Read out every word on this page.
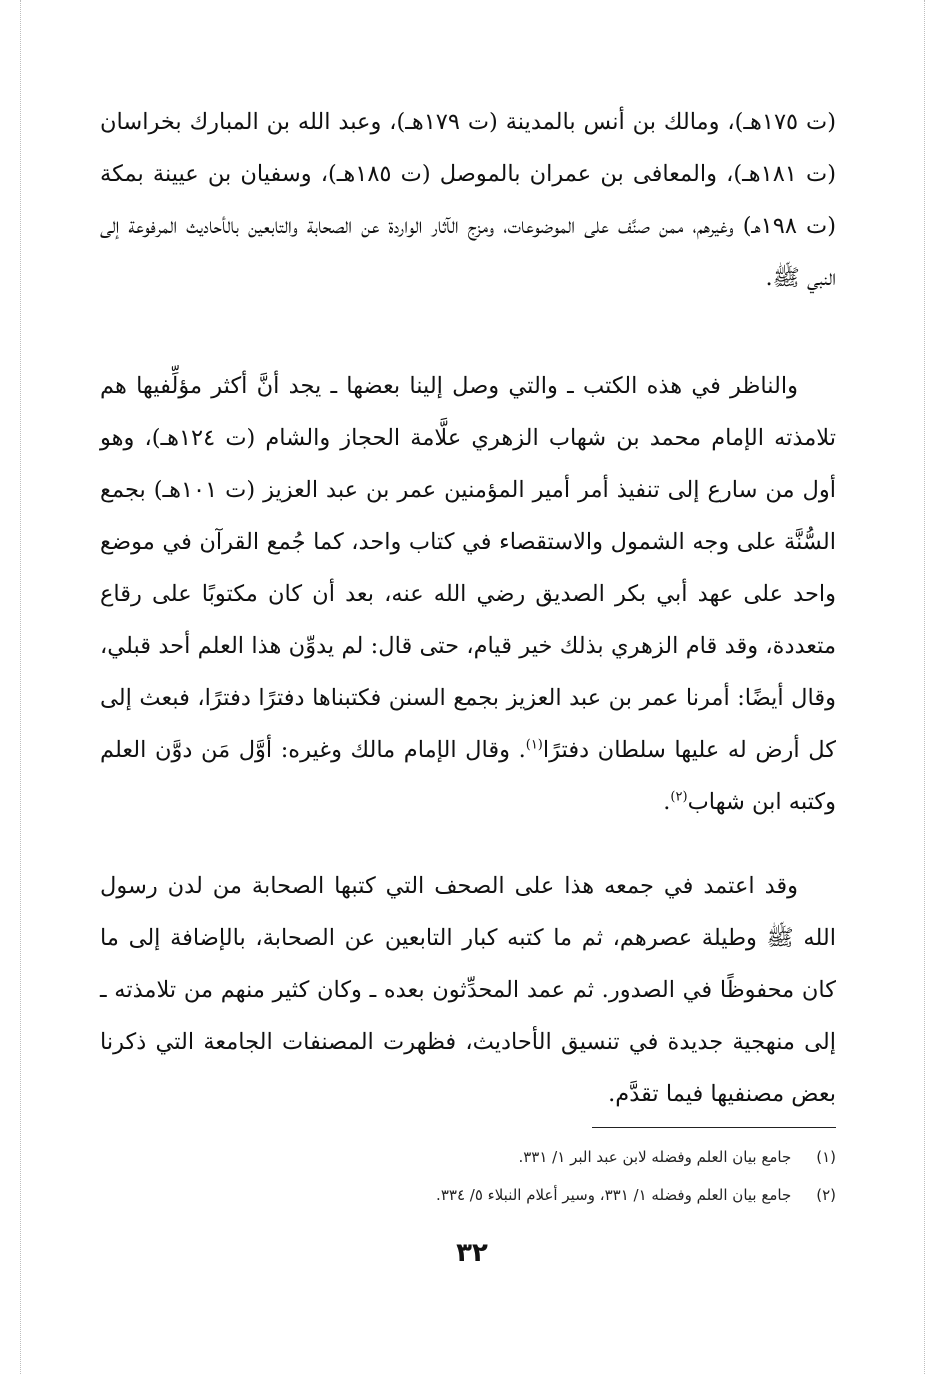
(ت ١٧٥هـ)، ومالك بن أنس بالمدينة (ت ١٧٩هـ)، وعبد الله بن المبارك بخراسان (ت ١٨١هـ)، والمعافى بن عمران بالموصل (ت ١٨٥هـ)، وسفيان بن عيينة بمكة (ت ١٩٨هـ) وغيرهم، ممن صنَّف على الموضوعات، ومزج الآثار الواردة عن الصحابة والتابعين بالأحاديث المرفوعة إلى النبي ﷺ.
والناظر في هذه الكتب ـ والتي وصل إلينا بعضها ـ يجد أنَّ أكثر مؤلِّفيها هم تلامذته الإمام محمد بن شهاب الزهري علَّامة الحجاز والشام (ت ١٢٤هـ)، وهو أول من سارع إلى تنفيذ أمر أمير المؤمنين عمر بن عبد العزيز (ت ١٠١هـ) بجمع السُّنَّة على وجه الشمول والاستقصاء في كتاب واحد، كما جُمع القرآن في موضع واحد على عهد أبي بكر الصديق رضي الله عنه، بعد أن كان مكتوبًا على رقاع متعددة، وقد قام الزهري بذلك خير قيام، حتى قال: لم يدوِّن هذا العلم أحد قبلي، وقال أيضًا: أمرنا عمر بن عبد العزيز بجمع السنن فكتبناها دفترًا دفترًا، فبعث إلى كل أرض له عليها سلطان دفترًا$^{(١)}$. وقال الإمام مالك وغيره: أوَّل مَن دوَّن العلم وكتبه ابن شهاب$^{(٢)}$.
وقد اعتمد في جمعه هذا على الصحف التي كتبها الصحابة من لدن رسول الله ﷺ وطيلة عصرهم، ثم ما كتبه كبار التابعين عن الصحابة، بالإضافة إلى ما كان محفوظًا في الصدور. ثم عمد المحدِّثون بعده ـ وكان كثير منهم من تلامذته ـ إلى منهجية جديدة في تنسيق الأحاديث، فظهرت المصنفات الجامعة التي ذكرنا بعض مصنفيها فيما تقدَّم.
(١) جامع بيان العلم وفضله لابن عبد البر ١/ ٣٣١.
(٢) جامع بيان العلم وفضله ١/ ٣٣١، وسير أعلام النبلاء ٥/ ٣٣٤.
٣٢
